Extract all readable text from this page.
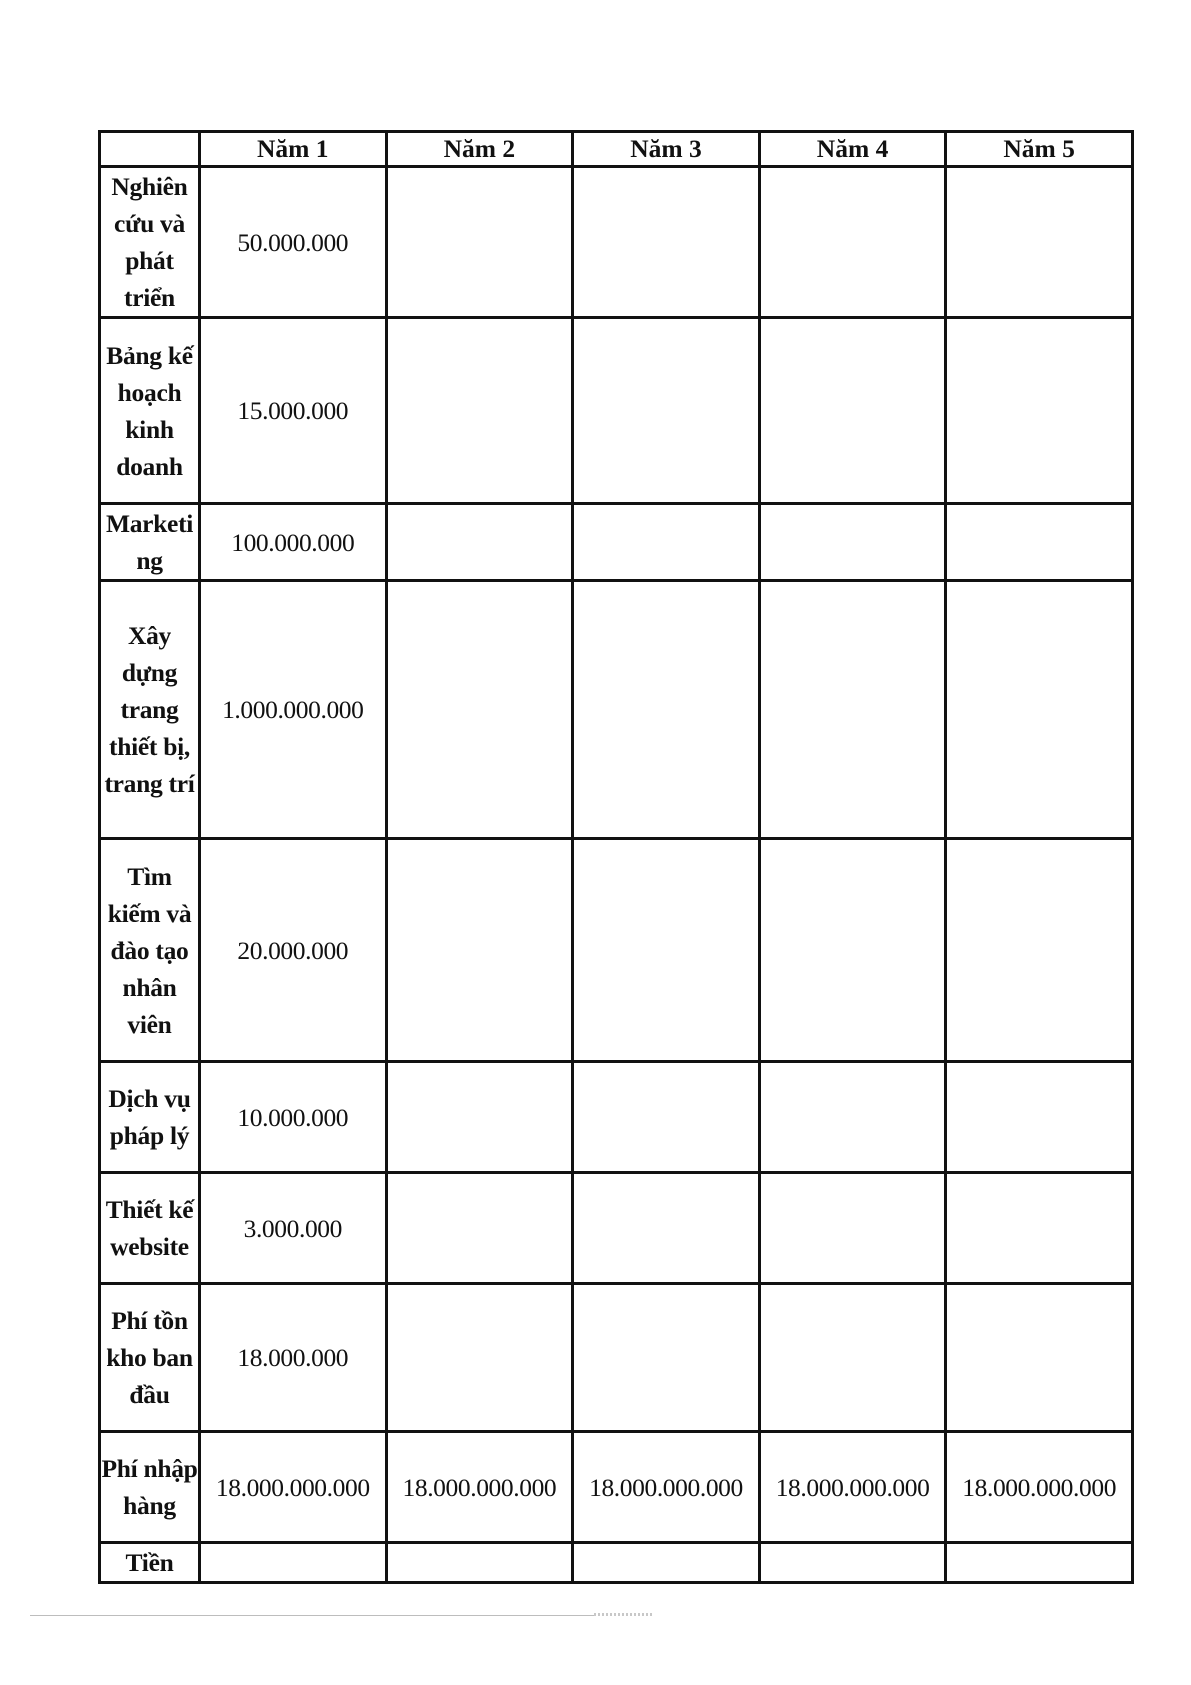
	Năm 1	Năm 2	Năm 3	Năm 4	Năm 5
Nghiên cứu và phát triển	50.000.000				
Bảng kế hoạch kinh doanh	15.000.000				
Marketing	100.000.000				
Xây dựng trang thiết bị, trang trí	1.000.000.000				
Tìm kiếm và đào tạo nhân viên	20.000.000				
Dịch vụ pháp lý	10.000.000				
Thiết kế website	3.000.000				
Phí tồn kho ban đầu	18.000.000				
Phí nhập hàng	18.000.000.000	18.000.000.000	18.000.000.000	18.000.000.000	18.000.000.000
Tiền					
